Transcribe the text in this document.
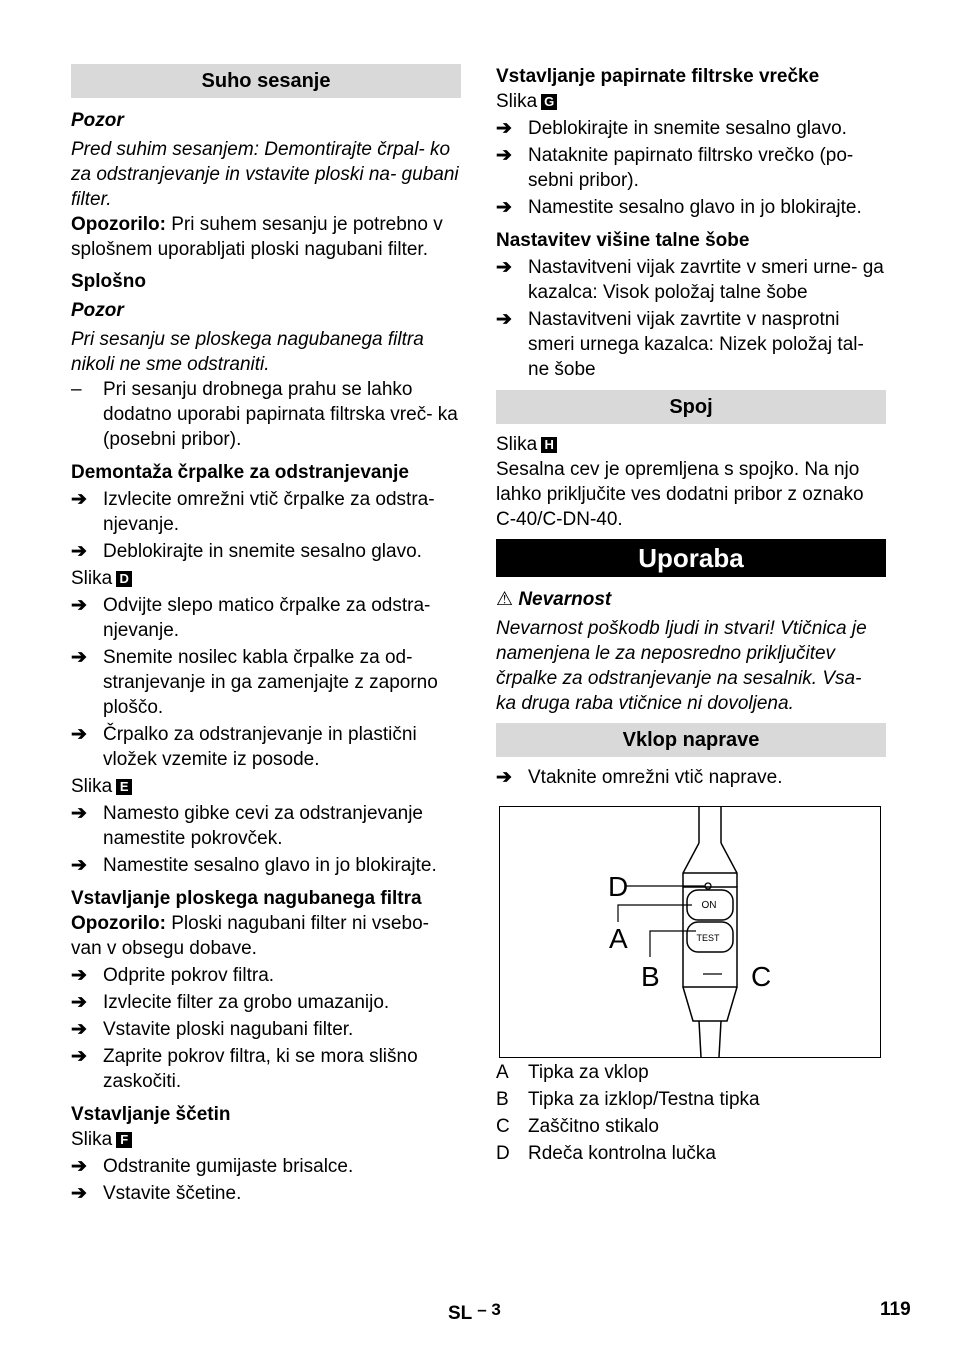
Suho sesanje
Pozor
Pred suhim sesanjem: Demontirajte črpal- ko za odstranjevanje in vstavite ploski na- gubani filter.
Opozorilo: Pri suhem sesanju je potrebno v splošnem uporabljati ploski nagubani filter.
Splošno
Pozor
Pri sesanju se ploskega nagubanega filtra nikoli ne sme odstraniti.
– Pri sesanju drobnega prahu se lahko dodatno uporabi papirnata filtrska vreč- ka (posebni pribor).
Demontaža črpalke za odstranjevanje
➔ Izvlecite omrežni vtič črpalke za odstra- njevanje.
➔ Deblokirajte in snemite sesalno glavo.
Slika D
➔ Odvijte slepo matico črpalke za odstra- njevanje.
➔ Snemite nosilec kabla črpalke za od- stranjevanje in ga zamenjajte z zaporno ploščo.
➔ Črpalko za odstranjevanje in plastični vložek vzemite iz posode.
Slika E
➔ Namesto gibke cevi za odstranjevanje namestite pokrovček.
➔ Namestite sesalno glavo in jo blokirajte.
Vstavljanje ploskega nagubanega filtra
Opozorilo: Ploski nagubani filter ni vsebo- van v obsegu dobave.
➔ Odprite pokrov filtra.
➔ Izvlecite filter za grobo umazanijo.
➔ Vstavite ploski nagubani filter.
➔ Zaprite pokrov filtra, ki se mora slišno zaskočiti.
Vstavljanje ščetin
Slika F
➔ Odstranite gumijaste brisalce.
➔ Vstavite ščetine.
Vstavljanje papirnate filtrske vrečke
Slika G
➔ Deblokirajte in snemite sesalno glavo.
➔ Nataknite papirnato filtrsko vrečko (po- sebni pribor).
➔ Namestite sesalno glavo in jo blokirajte.
Nastavitev višine talne šobe
➔ Nastavitveni vijak zavrtite v smeri urne- ga kazalca: Visok položaj talne šobe
➔ Nastavitveni vijak zavrtite v nasprotni smeri urnega kazalca: Nizek položaj tal- ne šobe
Spoj
Slika H
Sesalna cev je opremljena s spojko. Na njo lahko priključite ves dodatni pribor z oznako C-40/C-DN-40.
Uporaba
⚠ Nevarnost
Nevarnost poškodb ljudi in stvari! Vtičnica je namenjena le za neposredno priključitev črpalke za odstranjevanje na sesalnik. Vsa- ka druga raba vtičnice ni dovoljena.
Vklop naprave
➔ Vtaknite omrežni vtič naprave.
ON
TEST
D
A
B	C
A Tipka za vklop
B Tipka za izklop/Testna tipka
C Zaščitno stikalo
D Rdeča kontrolna lučka
SL – 3	119
